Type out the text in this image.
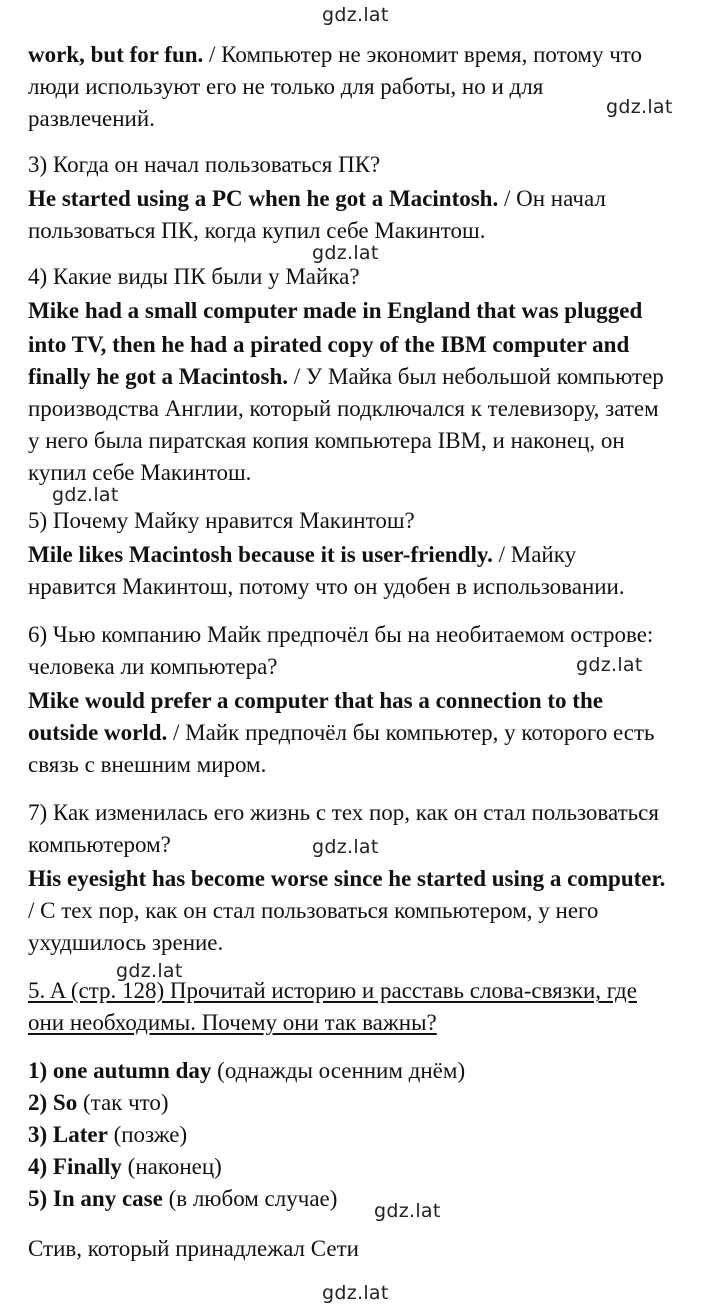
gdz.lat
gdz.lat
gdz.lat
gdz.lat
gdz.lat
gdz.lat
gdz.lat
gdz.lat
gdz.lat
work, but for fun. / Компьютер не экономит время, потому что
люди используют его не только для работы, но и для
развлечений.
3) Когда он начал пользоваться ПК?
He started using a PC when he got a Macintosh. / Он начал
пользоваться ПК, когда купил себе Макинтош.
4) Какие виды ПК были у Майка?
Mike had a small computer made in England that was plugged
into TV, then he had a pirated copy of the IBM computer and
finally he got a Macintosh. / У Майка был небольшой компьютер
производства Англии, который подключался к телевизору, затем
у него была пиратская копия компьютера IBM, и наконец, он
купил себе Макинтош.
5) Почему Майку нравится Макинтош?
Mile likes Macintosh because it is user-friendly. / Майку
нравится Макинтош, потому что он удобен в использовании.
6) Чью компанию Майк предпочёл бы на необитаемом острове:
человека ли компьютера?
Mike would prefer a computer that has a connection to the
outside world. / Майк предпочёл бы компьютер, у которого есть
связь с внешним миром.
7) Как изменилась его жизнь с тех пор, как он стал пользоваться
компьютером?
His eyesight has become worse since he started using a computer.
/ С тех пор, как он стал пользоваться компьютером, у него
ухудшилось зрение.
5. A (стр. 128) Прочитай историю и расставь слова-связки, где
они необходимы. Почему они так важны?
1) one autumn day (однажды осенним днём)
2) So (так что)
3) Later (позже)
4) Finally (наконец)
5) In any case (в любом случае)
Стив, который принадлежал Сети
